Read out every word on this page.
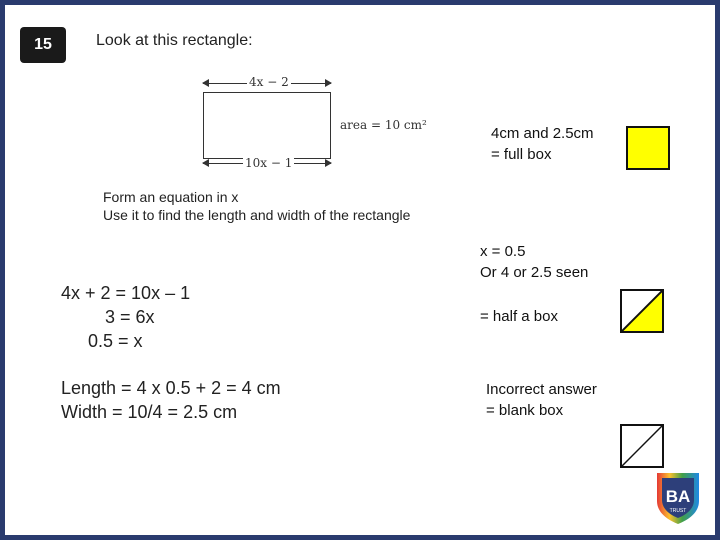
15	Look at this rectangle:
4x − 2
area = 10 cm²
10x − 1
Form an equation in x
Use it to find the length and width of the rectangle
4x + 2 = 10x – 1
3 = 6x
0.5 = x
Length = 4 x 0.5 + 2 = 4 cm
Width = 10/4 = 2.5 cm
4cm and 2.5cm
= full box
x = 0.5
Or 4 or 2.5 seen
= half a box
Incorrect answer
= blank box
BA
TRUST
